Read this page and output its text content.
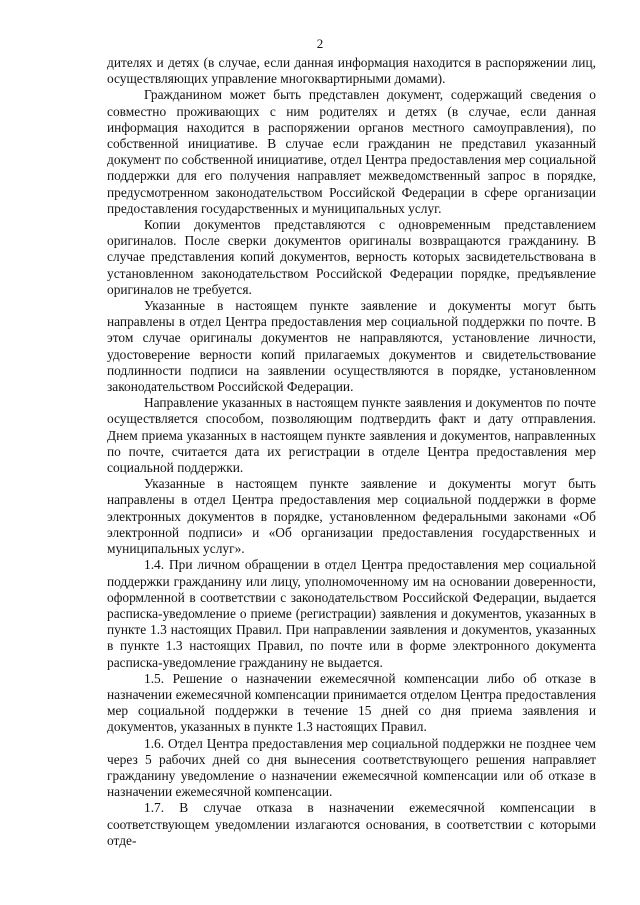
2

дителях и детях (в случае, если данная информация находится в распоряжении лиц, осуществляющих управление многоквартирными домами).

Гражданином может быть представлен документ, содержащий сведения о совместно проживающих с ним родителях и детях (в случае, если данная информация находится в распоряжении органов местного самоуправления), по собственной инициативе. В случае если гражданин не представил указанный документ по собственной инициативе, отдел Центра предоставления мер социальной поддержки для его получения направляет межведомственный запрос в порядке, предусмотренном законодательством Российской Федерации в сфере организации предоставления государственных и муниципальных услуг.

Копии документов представляются с одновременным представлением оригиналов. После сверки документов оригиналы возвращаются гражданину. В случае представления копий документов, верность которых засвидетельствована в установленном законодательством Российской Федерации порядке, предъявление оригиналов не требуется.

Указанные в настоящем пункте заявление и документы могут быть направлены в отдел Центра предоставления мер социальной поддержки по почте. В этом случае оригиналы документов не направляются, установление личности, удостоверение верности копий прилагаемых документов и свидетельствование подлинности подписи на заявлении осуществляются в порядке, установленном законодательством Российской Федерации.

Направление указанных в настоящем пункте заявления и документов по почте осуществляется способом, позволяющим подтвердить факт и дату отправления. Днем приема указанных в настоящем пункте заявления и документов, направленных по почте, считается дата их регистрации в отделе Центра предоставления мер социальной поддержки.

Указанные в настоящем пункте заявление и документы могут быть направлены в отдел Центра предоставления мер социальной поддержки в форме электронных документов в порядке, установленном федеральными законами «Об электронной подписи» и «Об организации предоставления государственных и муниципальных услуг».

1.4. При личном обращении в отдел Центра предоставления мер социальной поддержки гражданину или лицу, уполномоченному им на основании доверенности, оформленной в соответствии с законодательством Российской Федерации, выдается расписка-уведомление о приеме (регистрации) заявления и документов, указанных в пункте 1.3 настоящих Правил. При направлении заявления и документов, указанных в пункте 1.3 настоящих Правил, по почте или в форме электронного документа расписка-уведомление гражданину не выдается.

1.5. Решение о назначении ежемесячной компенсации либо об отказе в назначении ежемесячной компенсации принимается отделом Центра предоставления мер социальной поддержки в течение 15 дней со дня приема заявления и документов, указанных в пункте 1.3 настоящих Правил.

1.6. Отдел Центра предоставления мер социальной поддержки не позднее чем через 5 рабочих дней со дня вынесения соответствующего решения направляет гражданину уведомление о назначении ежемесячной компенсации или об отказе в назначении ежемесячной компенсации.

1.7. В случае отказа в назначении ежемесячной компенсации в соответствующем уведомлении излагаются основания, в соответствии с которыми отде-
